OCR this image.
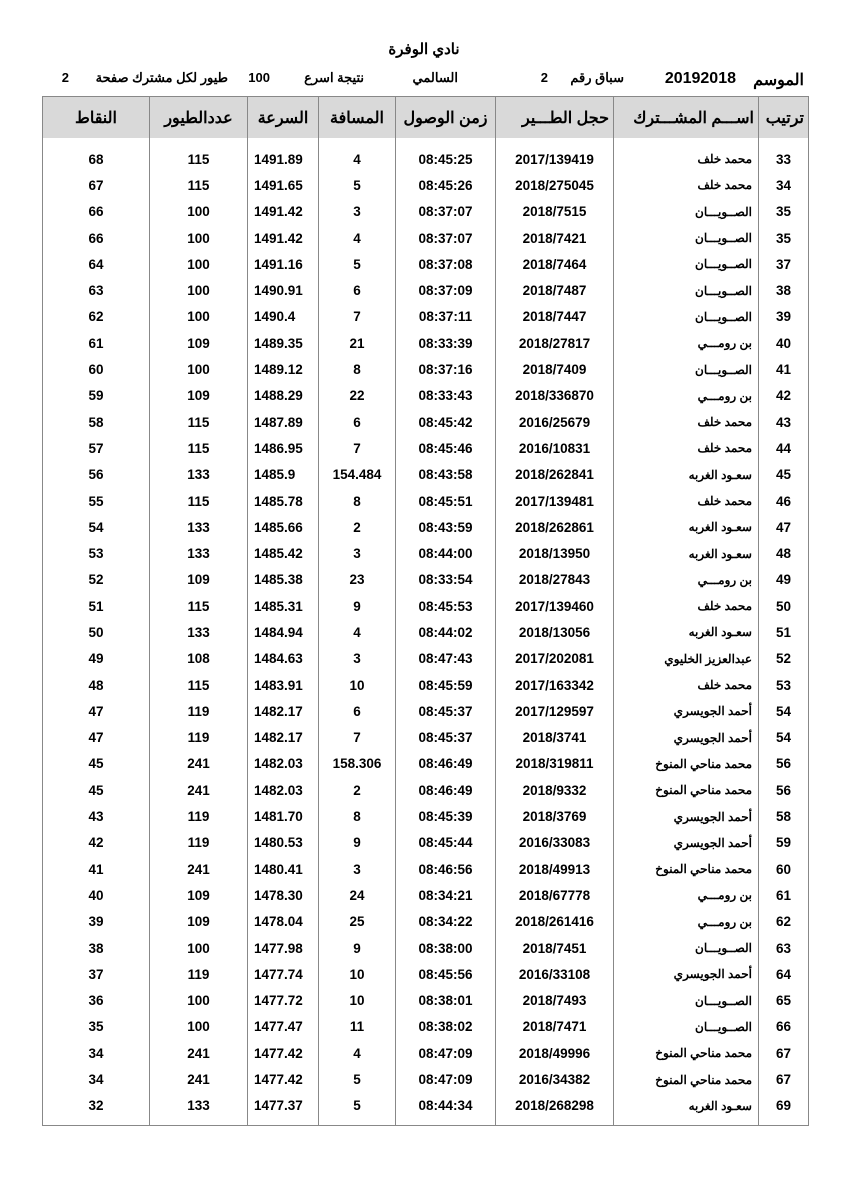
نادي الوفرة
الموسم
20192018
سباق رقم
2
السالمي
نتيجة اسرع
100
طيور لكل مشترك صفحة
2
ترتيب	اســـم المشـــترك	حجل الطـــير	زمن الوصول	المسافة	السرعة	عددالطيور	النقاط
33	محمد خلف	2017/139419	08:45:25	4	1491.89	115	68
34	محمد خلف	2018/275045	08:45:26	5	1491.65	115	67
35	الصــويـــان	2018/7515	08:37:07	3	1491.42	100	66
35	الصــويـــان	2018/7421	08:37:07	4	1491.42	100	66
37	الصــويـــان	2018/7464	08:37:08	5	1491.16	100	64
38	الصــويـــان	2018/7487	08:37:09	6	1490.91	100	63
39	الصــويـــان	2018/7447	08:37:11	7	1490.4	100	62
40	بن رومـــي	2018/27817	08:33:39	21	1489.35	109	61
41	الصــويـــان	2018/7409	08:37:16	8	1489.12	100	60
42	بن رومـــي	2018/336870	08:33:43	22	1488.29	109	59
43	محمد خلف	2016/25679	08:45:42	6	1487.89	115	58
44	محمد خلف	2016/10831	08:45:46	7	1486.95	115	57
45	سعـود الغربه	2018/262841	08:43:58	154.484	1485.9	133	56
46	محمد خلف	2017/139481	08:45:51	8	1485.78	115	55
47	سعـود الغربه	2018/262861	08:43:59	2	1485.66	133	54
48	سعـود الغربه	2018/13950	08:44:00	3	1485.42	133	53
49	بن رومـــي	2018/27843	08:33:54	23	1485.38	109	52
50	محمد خلف	2017/139460	08:45:53	9	1485.31	115	51
51	سعـود الغربه	2018/13056	08:44:02	4	1484.94	133	50
52	عبدالعزيز الخليوي	2017/202081	08:47:43	3	1484.63	108	49
53	محمد خلف	2017/163342	08:45:59	10	1483.91	115	48
54	أحمد الجويسري	2017/129597	08:45:37	6	1482.17	119	47
54	أحمد الجويسري	2018/3741	08:45:37	7	1482.17	119	47
56	محمد مناحي المنوخ	2018/319811	08:46:49	158.306	1482.03	241	45
56	محمد مناحي المنوخ	2018/9332	08:46:49	2	1482.03	241	45
58	أحمد الجويسري	2018/3769	08:45:39	8	1481.70	119	43
59	أحمد الجويسري	2016/33083	08:45:44	9	1480.53	119	42
60	محمد مناحي المنوخ	2018/49913	08:46:56	3	1480.41	241	41
61	بن رومـــي	2018/67778	08:34:21	24	1478.30	109	40
62	بن رومـــي	2018/261416	08:34:22	25	1478.04	109	39
63	الصــويـــان	2018/7451	08:38:00	9	1477.98	100	38
64	أحمد الجويسري	2016/33108	08:45:56	10	1477.74	119	37
65	الصــويـــان	2018/7493	08:38:01	10	1477.72	100	36
66	الصــويـــان	2018/7471	08:38:02	11	1477.47	100	35
67	محمد مناحي المنوخ	2018/49996	08:47:09	4	1477.42	241	34
67	محمد مناحي المنوخ	2016/34382	08:47:09	5	1477.42	241	34
69	سعـود الغربه	2018/268298	08:44:34	5	1477.37	133	32
